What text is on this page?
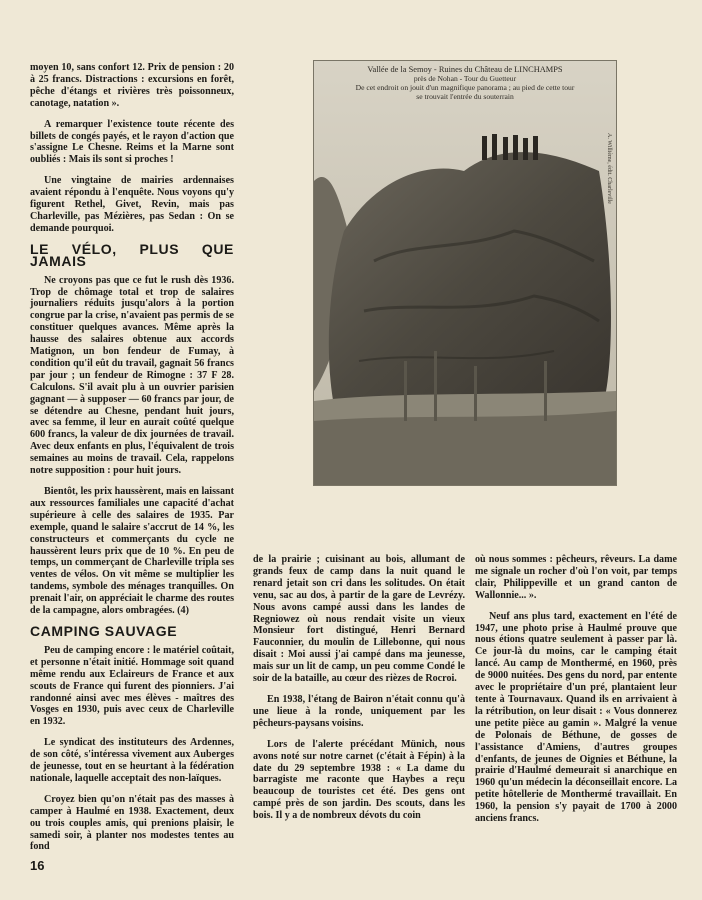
moyen 10, sans confort 12. Prix de pension : 20 à 25 francs. Distractions : excursions en forêt, pêche d'étangs et rivières très poissonneux, canotage, natation ».

A remarquer l'existence toute récente des billets de congés payés, et le rayon d'action que s'assigne Le Chesne. Reims et la Marne sont oubliés : Mais ils sont si proches !

Une vingtaine de mairies ardennaises avaient répondu à l'enquête. Nous voyons qu'y figurent Rethel, Givet, Revin, mais pas Charleville, pas Mézières, pas Sedan : On se demande pourquoi.

LE VÉLO, PLUS QUE JAMAIS

Ne croyons pas que ce fut le rush dès 1936. Trop de chômage total et trop de salaires journaliers réduits jusqu'alors à la portion congrue par la crise, n'avaient pas permis de se constituer quelques avances. Même après la hausse des salaires obtenue aux accords Matignon, un bon fendeur de Fumay, à condition qu'il eût du travail, gagnait 56 francs par jour ; un fendeur de Rimogne : 37 F 28. Calculons. S'il avait plu à un ouvrier parisien gagnant — à supposer — 60 francs par jour, de se détendre au Chesne, pendant huit jours, avec sa femme, il leur en aurait coûté quelque 600 francs, la valeur de dix journées de travail. Avec deux enfants en plus, l'équivalent de trois semaines au moins de travail. Cela, rappelons notre supposition : pour huit jours.

Bientôt, les prix haussèrent, mais en laissant aux ressources familiales une capacité d'achat supérieure à celle des salaires de 1935. Par exemple, quand le salaire s'accrut de 14 %, les constructeurs et commerçants du cycle ne haussèrent leurs prix que de 10 %. En peu de temps, un commerçant de Charleville tripla ses ventes de vélos. On vit même se multiplier les tandems, symbole des ménages tranquilles. On prenait l'air, on appréciait le charme des routes de la campagne, alors ombragées. (4)

CAMPING SAUVAGE

Peu de camping encore : le matériel coûtait, et personne n'était initié. Hommage soit quand même rendu aux Eclaireurs de France et aux scouts de France qui furent des pionniers. J'ai randonné ainsi avec mes élèves - maîtres des Vosges en 1930, puis avec ceux de Charleville en 1932.

Le syndicat des instituteurs des Ardennes, de son côté, s'intéressa vivement aux Auberges de jeunesse, tout en se heurtant à la fédération nationale, laquelle acceptait des non-laïques.

Croyez bien qu'on n'était pas des masses à camper à Haulmé en 1938. Exactement, deux ou trois couples amis, qui prenions plaisir, le samedi soir, à planter nos modestes tentes au fond

Vallée de la Semoy - Ruines du Château de LINCHAMPS
près de Nohan - Tour du Guetteur
De cet endroit on jouit d'un magnifique panorama ; au pied de cette tour
se trouvait l'entrée du souterrain
A. Willième, édit. Charleville

de la prairie ; cuisinant au bois, allumant de grands feux de camp dans la nuit quand le renard jetait son cri dans les solitudes. On était venu, sac au dos, à partir de la gare de Levrézy. Nous avons campé aussi dans les landes de Regniowez où nous rendait visite un vieux Monsieur fort distingué, Henri Bernard Fauconnier, du moulin de Lillebonne, qui nous disait : Moi aussi j'ai campé dans ma jeunesse, mais sur un lit de camp, un peu comme Condé le soir de la bataille, au cœur des rièzes de Rocroi.

En 1938, l'étang de Bairon n'était connu qu'à une lieue à la ronde, uniquement par les pêcheurs-paysans voisins.

Lors de l'alerte précédant Münich, nous avons noté sur notre carnet (c'était à Fépin) à la date du 29 septembre 1938 : « La dame du barragiste me raconte que Haybes a reçu beaucoup de touristes cet été. Des gens ont campé près de son jardin. Des scouts, dans les bois. Il y a de nombreux dévots du coin

où nous sommes : pêcheurs, rêveurs. La dame me signale un rocher d'où l'on voit, par temps clair, Philippeville et un grand canton de Wallonnie... ».

Neuf ans plus tard, exactement en l'été de 1947, une photo prise à Haulmé prouve que nous étions quatre seulement à passer par là. Ce jour-là du moins, car le camping était lancé. Au camp de Monthermé, en 1960, près de 9000 nuitées. Des gens du nord, par entente avec le propriétaire d'un pré, plantaient leur tente à Tournavaux. Quand ils en arrivaient à la rétribution, on leur disait : « Vous donnerez une petite pièce au gamin ». Malgré la venue de Polonais de Béthune, de gosses de l'assistance d'Amiens, d'autres groupes d'enfants, de jeunes de Oignies et Béthune, la prairie d'Haulmé demeurait si anarchique en 1960 qu'un médecin la déconseillait encore. La petite hôtellerie de Monthermé travaillait. En 1960, la pension s'y payait de 1700 à 2000 anciens francs.

16
